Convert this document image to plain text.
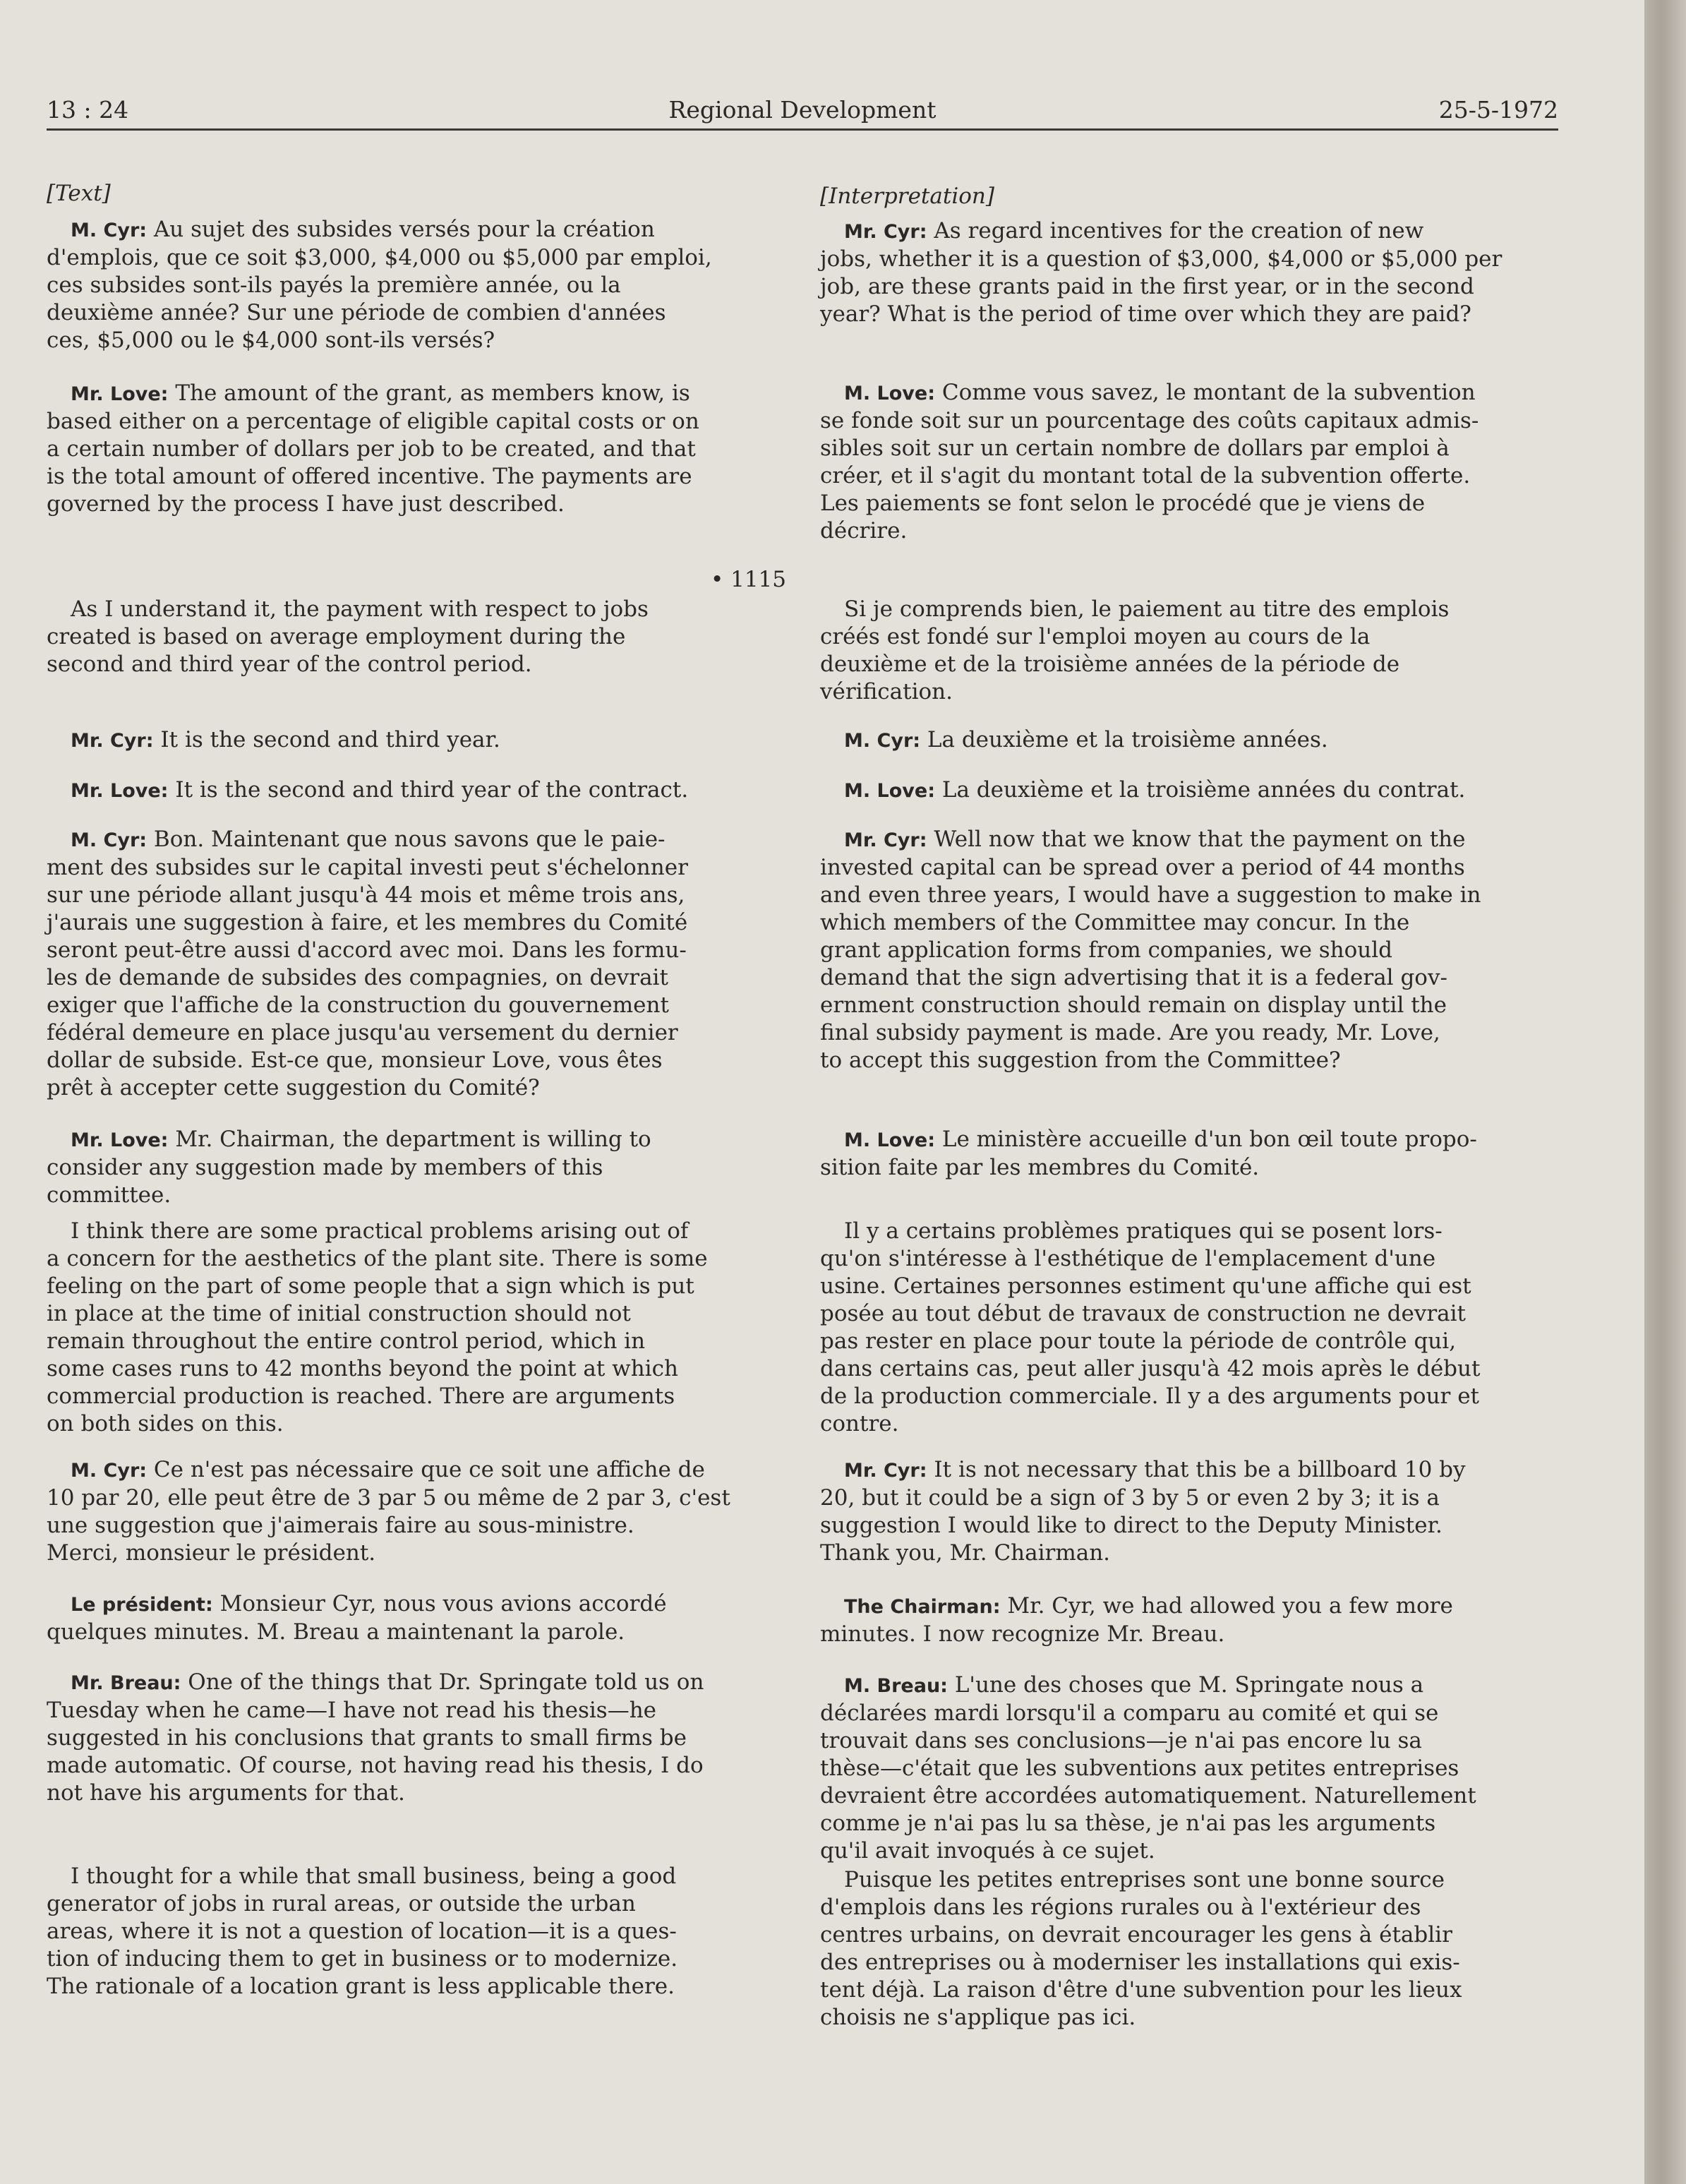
13 : 24	Regional Development	25-5-1972
[Text]

M. Cyr: Au sujet des subsides versés pour la création
d'emplois, que ce soit $3,000, $4,000 ou $5,000 par emploi,
ces subsides sont-ils payés la première année, ou la
deuxième année? Sur une période de combien d'années
ces, $5,000 ou le $4,000 sont-ils versés?

Mr. Love: The amount of the grant, as members know, is
based either on a percentage of eligible capital costs or on
a certain number of dollars per job to be created, and that
is the total amount of offered incentive. The payments are
governed by the process I have just described.

• 1115

As I understand it, the payment with respect to jobs
created is based on average employment during the
second and third year of the control period.

Mr. Cyr: It is the second and third year.

Mr. Love: It is the second and third year of the contract.

M. Cyr: Bon. Maintenant que nous savons que le paie-
ment des subsides sur le capital investi peut s'échelonner
sur une période allant jusqu'à 44 mois et même trois ans,
j'aurais une suggestion à faire, et les membres du Comité
seront peut-être aussi d'accord avec moi. Dans les formu-
les de demande de subsides des compagnies, on devrait
exiger que l'affiche de la construction du gouvernement
fédéral demeure en place jusqu'au versement du dernier
dollar de subside. Est-ce que, monsieur Love, vous êtes
prêt à accepter cette suggestion du Comité?

Mr. Love: Mr. Chairman, the department is willing to
consider any suggestion made by members of this
committee.

I think there are some practical problems arising out of
a concern for the aesthetics of the plant site. There is some
feeling on the part of some people that a sign which is put
in place at the time of initial construction should not
remain throughout the entire control period, which in
some cases runs to 42 months beyond the point at which
commercial production is reached. There are arguments
on both sides on this.

M. Cyr: Ce n'est pas nécessaire que ce soit une affiche de
10 par 20, elle peut être de 3 par 5 ou même de 2 par 3, c'est
une suggestion que j'aimerais faire au sous-ministre.
Merci, monsieur le président.

Le président: Monsieur Cyr, nous vous avions accordé
quelques minutes. M. Breau a maintenant la parole.

Mr. Breau: One of the things that Dr. Springate told us on
Tuesday when he came—I have not read his thesis—he
suggested in his conclusions that grants to small firms be
made automatic. Of course, not having read his thesis, I do
not have his arguments for that.

I thought for a while that small business, being a good
generator of jobs in rural areas, or outside the urban
areas, where it is not a question of location—it is a ques-
tion of inducing them to get in business or to modernize.
The rationale of a location grant is less applicable there.

[Interpretation]

Mr. Cyr: As regard incentives for the creation of new
jobs, whether it is a question of $3,000, $4,000 or $5,000 per
job, are these grants paid in the first year, or in the second
year? What is the period of time over which they are paid?

M. Love: Comme vous savez, le montant de la subvention
se fonde soit sur un pourcentage des coûts capitaux admis-
sibles soit sur un certain nombre de dollars par emploi à
créer, et il s'agit du montant total de la subvention offerte.
Les paiements se font selon le procédé que je viens de
décrire.

Si je comprends bien, le paiement au titre des emplois
créés est fondé sur l'emploi moyen au cours de la
deuxième et de la troisième années de la période de
vérification.

M. Cyr: La deuxième et la troisième années.

M. Love: La deuxième et la troisième années du contrat.

Mr. Cyr: Well now that we know that the payment on the
invested capital can be spread over a period of 44 months
and even three years, I would have a suggestion to make in
which members of the Committee may concur. In the
grant application forms from companies, we should
demand that the sign advertising that it is a federal gov-
ernment construction should remain on display until the
final subsidy payment is made. Are you ready, Mr. Love,
to accept this suggestion from the Committee?

M. Love: Le ministère accueille d'un bon œil toute propo-
sition faite par les membres du Comité.

Il y a certains problèmes pratiques qui se posent lors-
qu'on s'intéresse à l'esthétique de l'emplacement d'une
usine. Certaines personnes estiment qu'une affiche qui est
posée au tout début de travaux de construction ne devrait
pas rester en place pour toute la période de contrôle qui,
dans certains cas, peut aller jusqu'à 42 mois après le début
de la production commerciale. Il y a des arguments pour et
contre.

Mr. Cyr: It is not necessary that this be a billboard 10 by
20, but it could be a sign of 3 by 5 or even 2 by 3; it is a
suggestion I would like to direct to the Deputy Minister.
Thank you, Mr. Chairman.

The Chairman: Mr. Cyr, we had allowed you a few more
minutes. I now recognize Mr. Breau.

M. Breau: L'une des choses que M. Springate nous a
déclarées mardi lorsqu'il a comparu au comité et qui se
trouvait dans ses conclusions—je n'ai pas encore lu sa
thèse—c'était que les subventions aux petites entreprises
devraient être accordées automatiquement. Naturellement
comme je n'ai pas lu sa thèse, je n'ai pas les arguments
qu'il avait invoqués à ce sujet.

Puisque les petites entreprises sont une bonne source
d'emplois dans les régions rurales ou à l'extérieur des
centres urbains, on devrait encourager les gens à établir
des entreprises ou à moderniser les installations qui exis-
tent déjà. La raison d'être d'une subvention pour les lieux
choisis ne s'applique pas ici.
